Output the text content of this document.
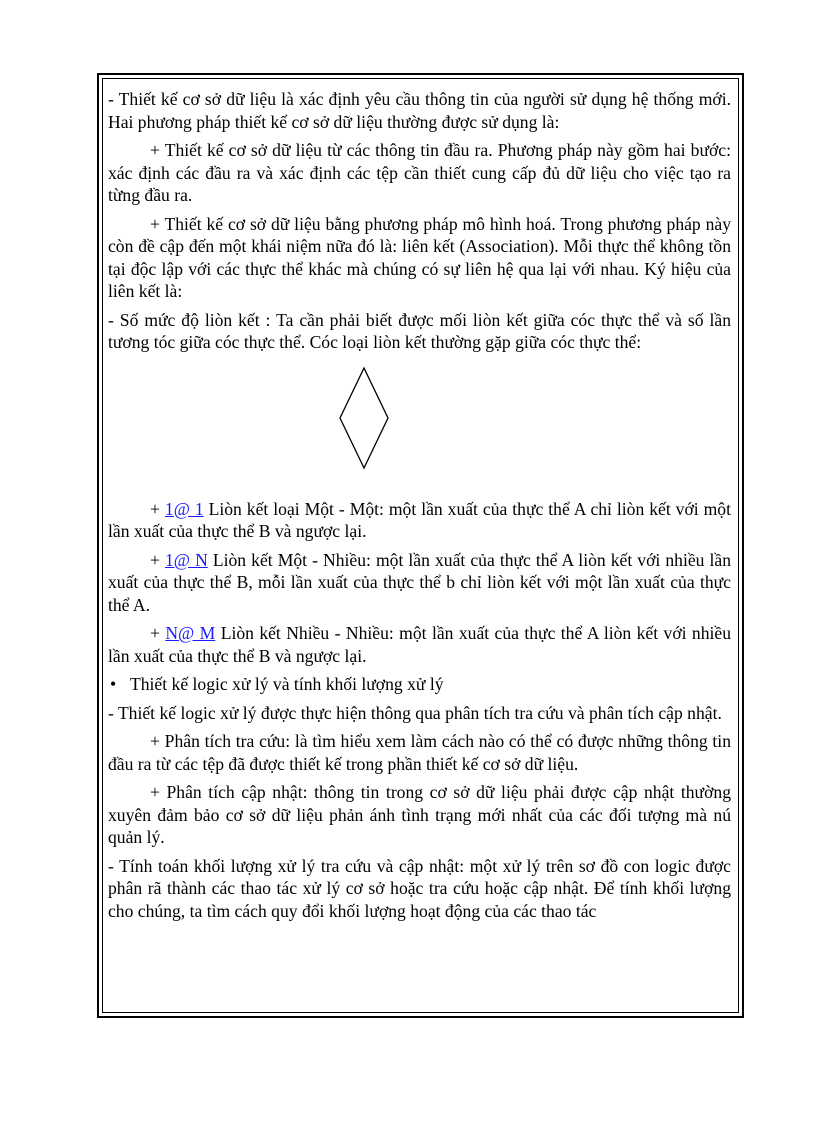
- Thiết kế cơ sở dữ liệu là xác định yêu cầu thông tin của người sử dụng hệ thống mới. Hai phương pháp thiết kế cơ sở dữ liệu thường được sử dụng là:

+ Thiết kế cơ sở dữ liệu từ các thông tin đầu ra. Phương pháp này gồm hai bước: xác định các đầu ra và xác định các tệp cần thiết cung cấp đủ dữ liệu cho việc tạo ra từng đầu ra.

+ Thiết kế cơ sở dữ liệu bằng phương pháp mô hình hoá. Trong phương pháp này còn đề cập đến một khái niệm nữa đó là: liên kết (Association). Mỗi thực thể không tồn tại độc lập với các thực thể khác mà chúng có sự liên hệ qua lại với nhau. Ký hiệu của liên kết là:

- Số mức độ liòn kết : Ta cần phải biết được mối liòn kết giữa cóc thực thể và số lần tương tóc giữa cóc thực thể. Cóc loại liòn kết thường gặp giữa cóc thực thể:

+ 1@ 1 Liòn kết loại Một - Một: một lần xuất của thực thể A chỉ liòn kết với một lần xuất của thực thể B và ngược lại.

+ 1@ N Liòn kết Một - Nhiều: một lần xuất của thực thể A liòn kết với nhiều lần xuất của thực thể B, mỗi lần xuất của thực thể b chỉ liòn kết với một lần xuất của thực thể A.

+ N@ M Liòn kết Nhiều - Nhiều: một lần xuất của thực thể A liòn kết với nhiều lần xuất của thực thể B và ngược lại.

• Thiết kế logic xử lý và tính khối lượng xử lý

- Thiết kế logic xử lý được thực hiện thông qua phân tích tra cứu và phân tích cập nhật.

+ Phân tích tra cứu: là tìm hiểu xem làm cách nào có thể có được những thông tin đầu ra từ các tệp đã được thiết kế trong phần thiết kế cơ sở dữ liệu.

+ Phân tích cập nhật: thông tin trong cơ sở dữ liệu phải được cập nhật thường xuyên đảm bảo cơ sở dữ liệu phản ánh tình trạng mới nhất của các đối tượng mà nú quản lý.

- Tính toán khối lượng xử lý tra cứu và cập nhật: một xử lý trên sơ đồ con logic được phân rã thành các thao tác xử lý cơ sở hoặc tra cứu hoặc cập nhật. Để tính khối lượng cho chúng, ta tìm cách quy đổi khối lượng hoạt động của các thao tác
